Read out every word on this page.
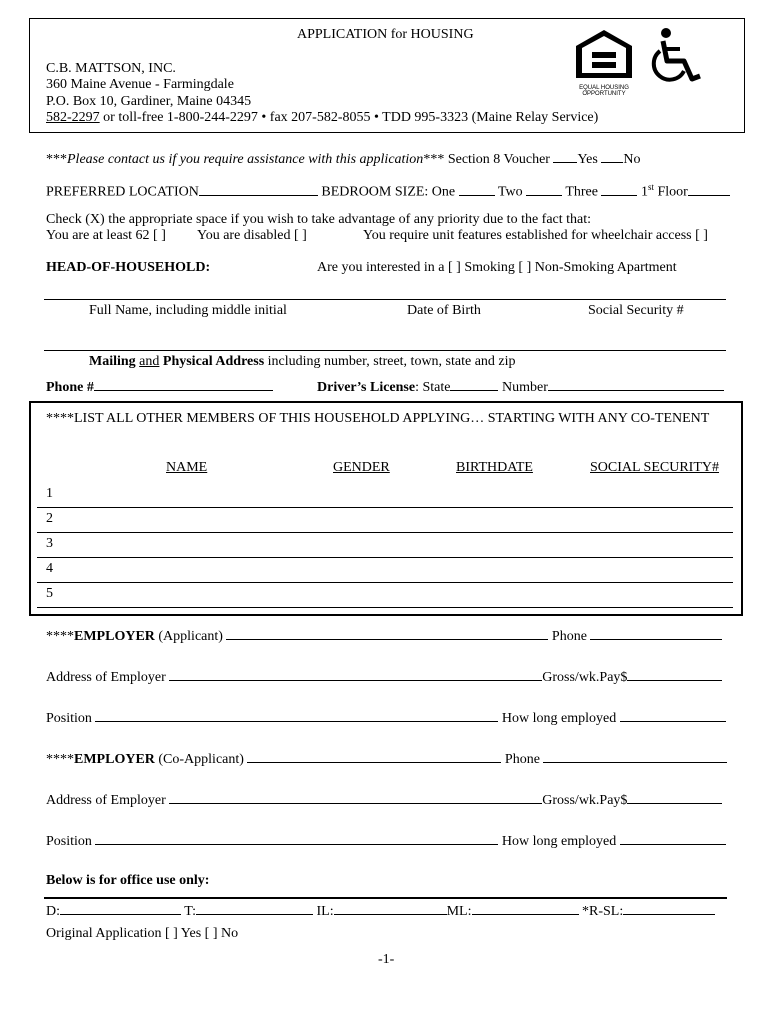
APPLICATION for HOUSING
C.B. MATTSON, INC.
360 Maine Avenue - Farmingdale
P.O. Box 10, Gardiner, Maine 04345
582-2297 or toll-free 1-800-244-2297 • fax 207-582-8055 • TDD 995-3323 (Maine Relay Service)
EQUAL HOUSING OPPORTUNITY
***Please contact us if you require assistance with this application*** Section 8 Voucher Yes No
PREFERRED LOCATION	BEDROOM SIZE: One	Two	Three	1st Floor
Check (X) the appropriate space if you wish to take advantage of any priority due to the fact that:
You are at least 62 [ ] You are disabled [ ]	You require unit features established for wheelchair access [ ]
HEAD-OF-HOUSEHOLD:	Are you interested in a [ ] Smoking [ ] Non-Smoking Apartment
Full Name, including middle initial	Date of Birth	Social Security #
Mailing and Physical Address including number, street, town, state and zip
Phone #	Driver’s License: State	Number
****LIST ALL OTHER MEMBERS OF THIS HOUSEHOLD APPLYING… STARTING WITH ANY CO-TENENT
NAME	GENDER	BIRTHDATE	SOCIAL SECURITY#
1
2
3
4
5
****EMPLOYER (Applicant)	Phone
Address of Employer	Gross/wk.Pay$
Position	How long employed
****EMPLOYER (Co-Applicant)	Phone
Address of Employer	Gross/wk.Pay$
Position	How long employed
Below is for office use only:
D:	T:	IL:	ML:	*R-SL:
Original Application [ ] Yes [ ] No
-1-
